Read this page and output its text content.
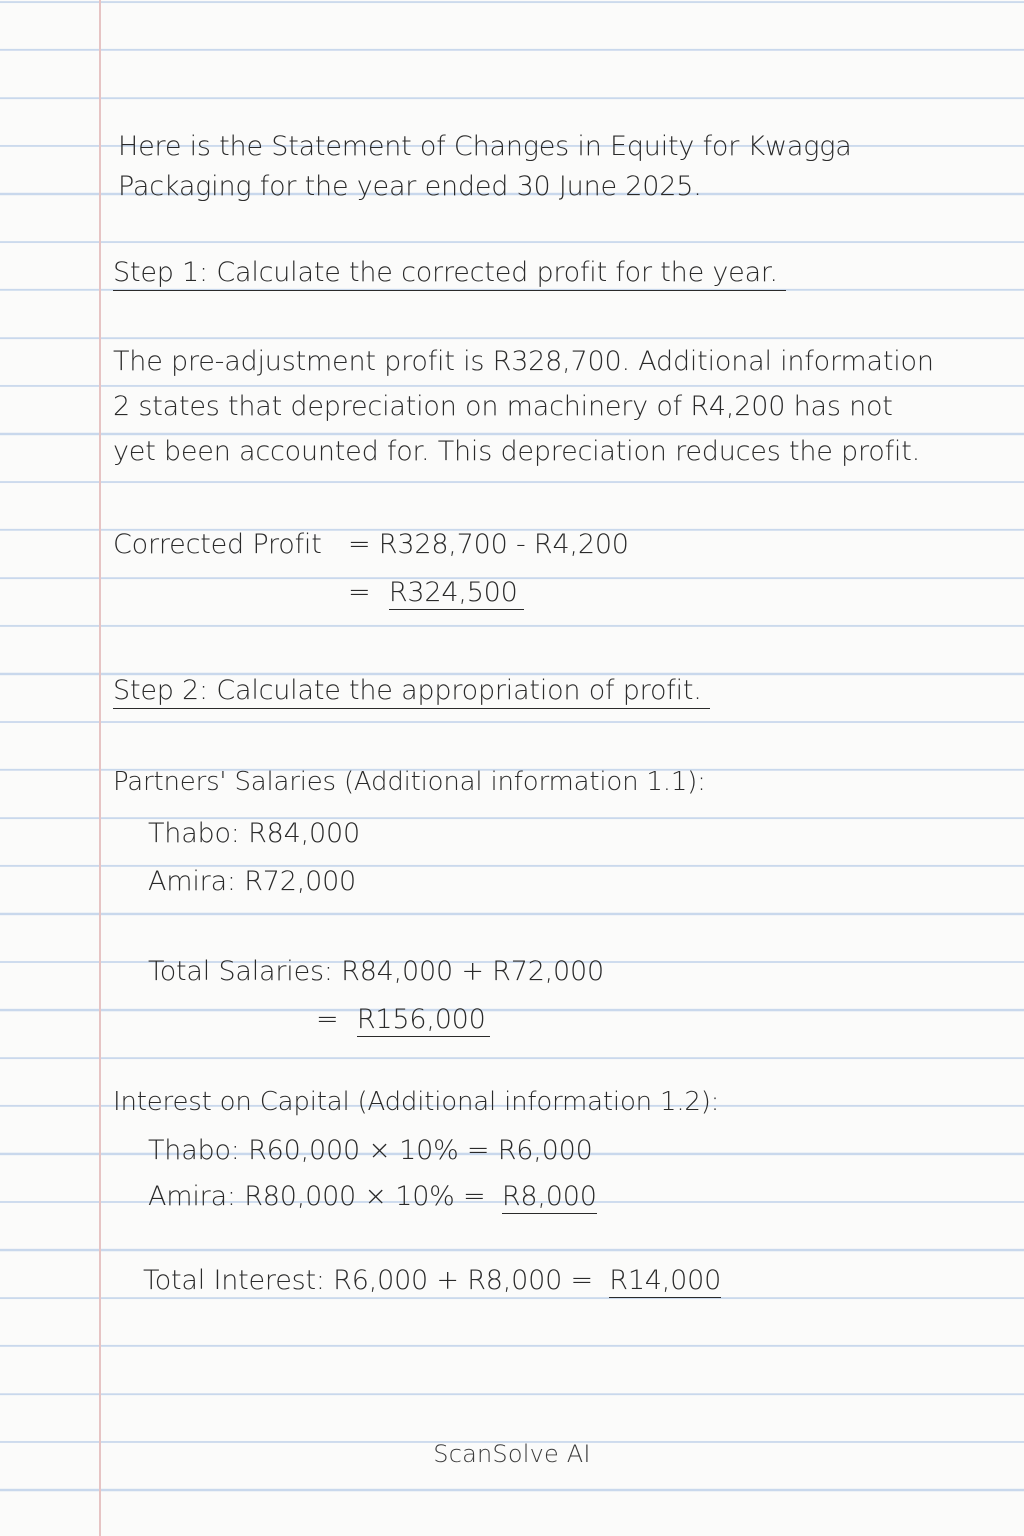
Here is the Statement of Changes in Equity for Kwagga
Packaging for the year ended 30 June 2025.
Step 1: Calculate the corrected profit for the year.
The pre-adjustment profit is R328,700. Additional information
2 states that depreciation on machinery of R4,200 has not
yet been accounted for. This depreciation reduces the profit.
Corrected Profit = R328,700 - R4,200
= R324,500
Step 2: Calculate the appropriation of profit.
Partners' Salaries (Additional information 1.1):
Thabo: R84,000
Amira: R72,000
Total Salaries: R84,000 + R72,000
= R156,000
Interest on Capital (Additional information 1.2):
Thabo: R60,000 × 10% = R6,000
Amira: R80,000 × 10% = R8,000
Total Interest: R6,000 + R8,000 = R14,000
ScanSolve AI
